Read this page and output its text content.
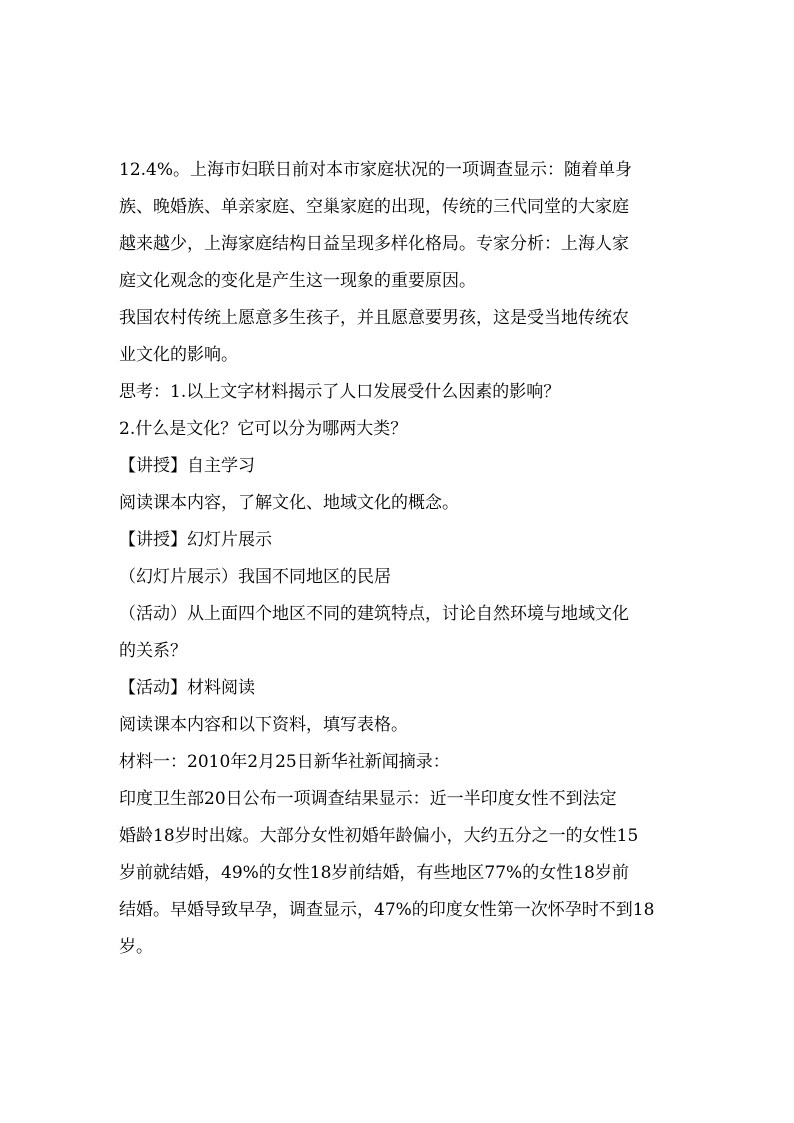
12.4%。上海市妇联日前对本市家庭状况的一项调查显示：随着单身
族、晚婚族、单亲家庭、空巢家庭的出现，传统的三代同堂的大家庭
越来越少，上海家庭结构日益呈现多样化格局。专家分析：上海人家
庭文化观念的变化是产生这一现象的重要原因。
我国农村传统上愿意多生孩子，并且愿意要男孩，这是受当地传统农
业文化的影响。
思考：1.以上文字材料揭示了人口发展受什么因素的影响？
2.什么是文化？它可以分为哪两大类？
【讲授】自主学习
阅读课本内容，了解文化、地域文化的概念。
【讲授】幻灯片展示
（幻灯片展示）我国不同地区的民居
（活动）从上面四个地区不同的建筑特点，讨论自然环境与地域文化
的关系？
【活动】材料阅读
阅读课本内容和以下资料，填写表格。
材料一：2010年2月25日新华社新闻摘录：
印度卫生部20日公布一项调查结果显示：近一半印度女性不到法定
婚龄18岁时出嫁。大部分女性初婚年龄偏小，大约五分之一的女性15
岁前就结婚，49%的女性18岁前结婚，有些地区77%的女性18岁前
结婚。早婚导致早孕，调查显示，47%的印度女性第一次怀孕时不到18
岁。
